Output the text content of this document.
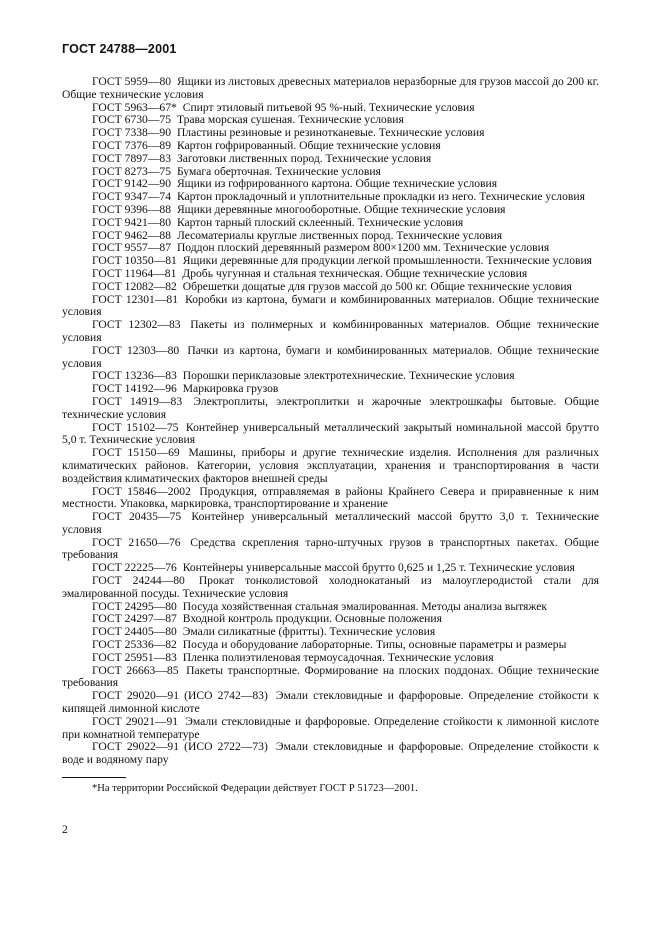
ГОСТ 24788—2001

ГОСТ 5959—80 Ящики из листовых древесных материалов неразборные для грузов массой до 200 кг. Общие технические условия

ГОСТ 5963—67* Спирт этиловый питьевой 95 %-ный. Технические условия

ГОСТ 6730—75 Трава морская сушеная. Технические условия

ГОСТ 7338—90 Пластины резиновые и резинотканевые. Технические условия

ГОСТ 7376—89 Картон гофрированный. Общие технические условия

ГОСТ 7897—83 Заготовки лиственных пород. Технические условия

ГОСТ 8273—75 Бумага оберточная. Технические условия

ГОСТ 9142—90 Ящики из гофрированного картона. Общие технические условия

ГОСТ 9347—74 Картон прокладочный и уплотнительные прокладки из него. Технические условия

ГОСТ 9396—88 Ящики деревянные многооборотные. Общие технические условия

ГОСТ 9421—80 Картон тарный плоский склеенный. Технические условия

ГОСТ 9462—88 Лесоматериалы круглые лиственных пород. Технические условия

ГОСТ 9557—87 Поддон плоский деревянный размером 800×1200 мм. Технические условия

ГОСТ 10350—81 Ящики деревянные для продукции легкой промышленности. Технические условия

ГОСТ 11964—81 Дробь чугунная и стальная техническая. Общие технические условия

ГОСТ 12082—82 Обрешетки дощатые для грузов массой до 500 кг. Общие технические условия

ГОСТ 12301—81 Коробки из картона, бумаги и комбинированных материалов. Общие технические условия

ГОСТ 12302—83 Пакеты из полимерных и комбинированных материалов. Общие технические условия

ГОСТ 12303—80 Пачки из картона, бумаги и комбинированных материалов. Общие технические условия

ГОСТ 13236—83 Порошки периклазовые электротехнические. Технические условия

ГОСТ 14192—96 Маркировка грузов

ГОСТ 14919—83 Электроплиты, электроплитки и жарочные электрошкафы бытовые. Общие технические условия

ГОСТ 15102—75 Контейнер универсальный металлический закрытый номинальной массой брутто 5,0 т. Технические условия

ГОСТ 15150—69 Машины, приборы и другие технические изделия. Исполнения для различных климатических районов. Категории, условия эксплуатации, хранения и транспортирования в части воздействия климатических факторов внешней среды

ГОСТ 15846—2002 Продукция, отправляемая в районы Крайнего Севера и приравненные к ним местности. Упаковка, маркировка, транспортирование и хранение

ГОСТ 20435—75 Контейнер универсальный металлический массой брутто 3,0 т. Технические условия

ГОСТ 21650—76 Средства скрепления тарно-штучных грузов в транспортных пакетах. Общие требования

ГОСТ 22225—76 Контейнеры универсальные массой брутто 0,625 и 1,25 т. Технические условия

ГОСТ 24244—80 Прокат тонколистовой холоднокатаный из малоуглеродистой стали для эмалированной посуды. Технические условия

ГОСТ 24295—80 Посуда хозяйственная стальная эмалированная. Методы анализа вытяжек

ГОСТ 24297—87 Входной контроль продукции. Основные положения

ГОСТ 24405—80 Эмали силикатные (фритты). Технические условия

ГОСТ 25336—82 Посуда и оборудование лабораторные. Типы, основные параметры и размеры

ГОСТ 25951—83 Пленка полиэтиленовая термоусадочная. Технические условия

ГОСТ 26663—85 Пакеты транспортные. Формирование на плоских поддонах. Общие технические требования

ГОСТ 29020—91 (ИСО 2742—83) Эмали стекловидные и фарфоровые. Определение стойкости к кипящей лимонной кислоте

ГОСТ 29021—91 Эмали стекловидные и фарфоровые. Определение стойкости к лимонной кислоте при комнатной температуре

ГОСТ 29022—91 (ИСО 2722—73) Эмали стекловидные и фарфоровые. Определение стойкости к воде и водяному пару

*На территории Российской Федерации действует ГОСТ Р 51723—2001.
2
